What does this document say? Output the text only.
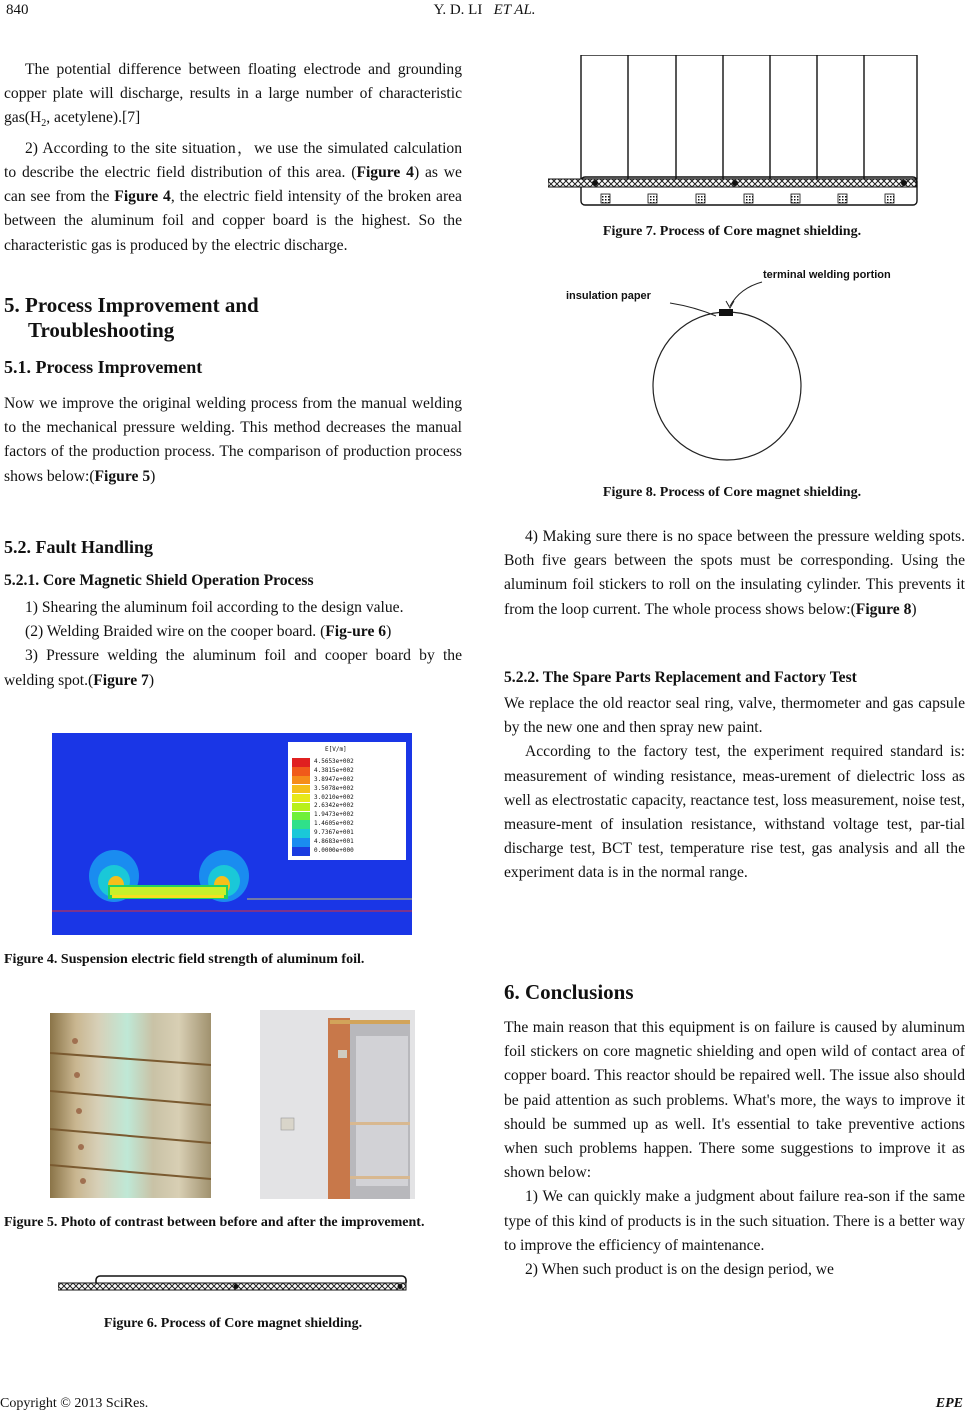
840	Y. D. LI ET AL.

The potential difference between floating electrode and grounding copper plate will discharge, results in a large number of characteristic $gas(H_2$, acetylene).[7]

2) According to the site situation，we use the simulated calculation to describe the electric field distribution of this area. (Figure 4) as we can see from the Figure 4, the electric field intensity of the broken area between the aluminum foil and copper board is the highest. So the characteristic gas is produced by the electric discharge.

5. Process Improvement and
Troubleshooting
5.1. Process Improvement

Now we improve the original welding process from the manual welding to the mechanical pressure welding. This method decreases the manual factors of the production process. The comparison of production process shows below:(Figure 5)

5.2. Fault Handling
5.2.1. Core Magnetic Shield Operation Process

1) Shearing the aluminum foil according to the design value.

(2) Welding Braided wire on the cooper board. (Fig-ure 6)

3) Pressure welding the aluminum foil and cooper board by the welding spot.(Figure 7)

E[V/m]
4.5653e+002
4.3815e+002
3.8947e+002
3.5078e+002
3.0210e+002
2.6342e+002
1.9473e+002
1.4605e+002
9.7367e+001
4.8683e+001
0.0000e+000
Figure 4. Suspension electric field strength of aluminum foil.
Figure 5. Photo of contrast between before and after the improvement.
Figure 6. Process of Core magnet shielding.
Figure 7. Process of Core magnet shielding.
terminal welding portion
insulation paper
Figure 8. Process of Core magnet shielding.

4) Making sure there is no space between the pressure welding spots. Both five gears between the spots must be corresponding. Using the aluminum foil stickers to roll on the insulating cylinder. This prevents it from the loop current. The whole process shows below:(Figure 8)

5.2.2. The Spare Parts Replacement and Factory Test

We replace the old reactor seal ring, valve, thermometer and gas capsule by the new one and then spray new paint.

According to the factory test, the experiment required standard is: measurement of winding resistance, meas-urement of dielectric loss as well as electrostatic capacity, reactance test, loss measurement, noise test, measure-ment of insulation resistance, withstand voltage test, par-tial discharge test, BCT test, temperature rise test, gas analysis and all the experiment data is in the normal range.

6. Conclusions

The main reason that this equipment is on failure is caused by aluminum foil stickers on core magnetic shielding and open wild of contact area of copper board. This reactor should be repaired well. The issue also should be paid attention as such problems. What's more, the ways to improve it should be summed up as well. It's essential to take preventive actions when such problems happen. There some suggestions to improve it as shown below:

1) We can quickly make a judgment about failure rea-son if the same type of this kind of products is in the such situation. There is a better way to improve the efficiency of maintenance.

2) When such product is on the design period, we

Copyright © 2013 SciRes.	EPE
